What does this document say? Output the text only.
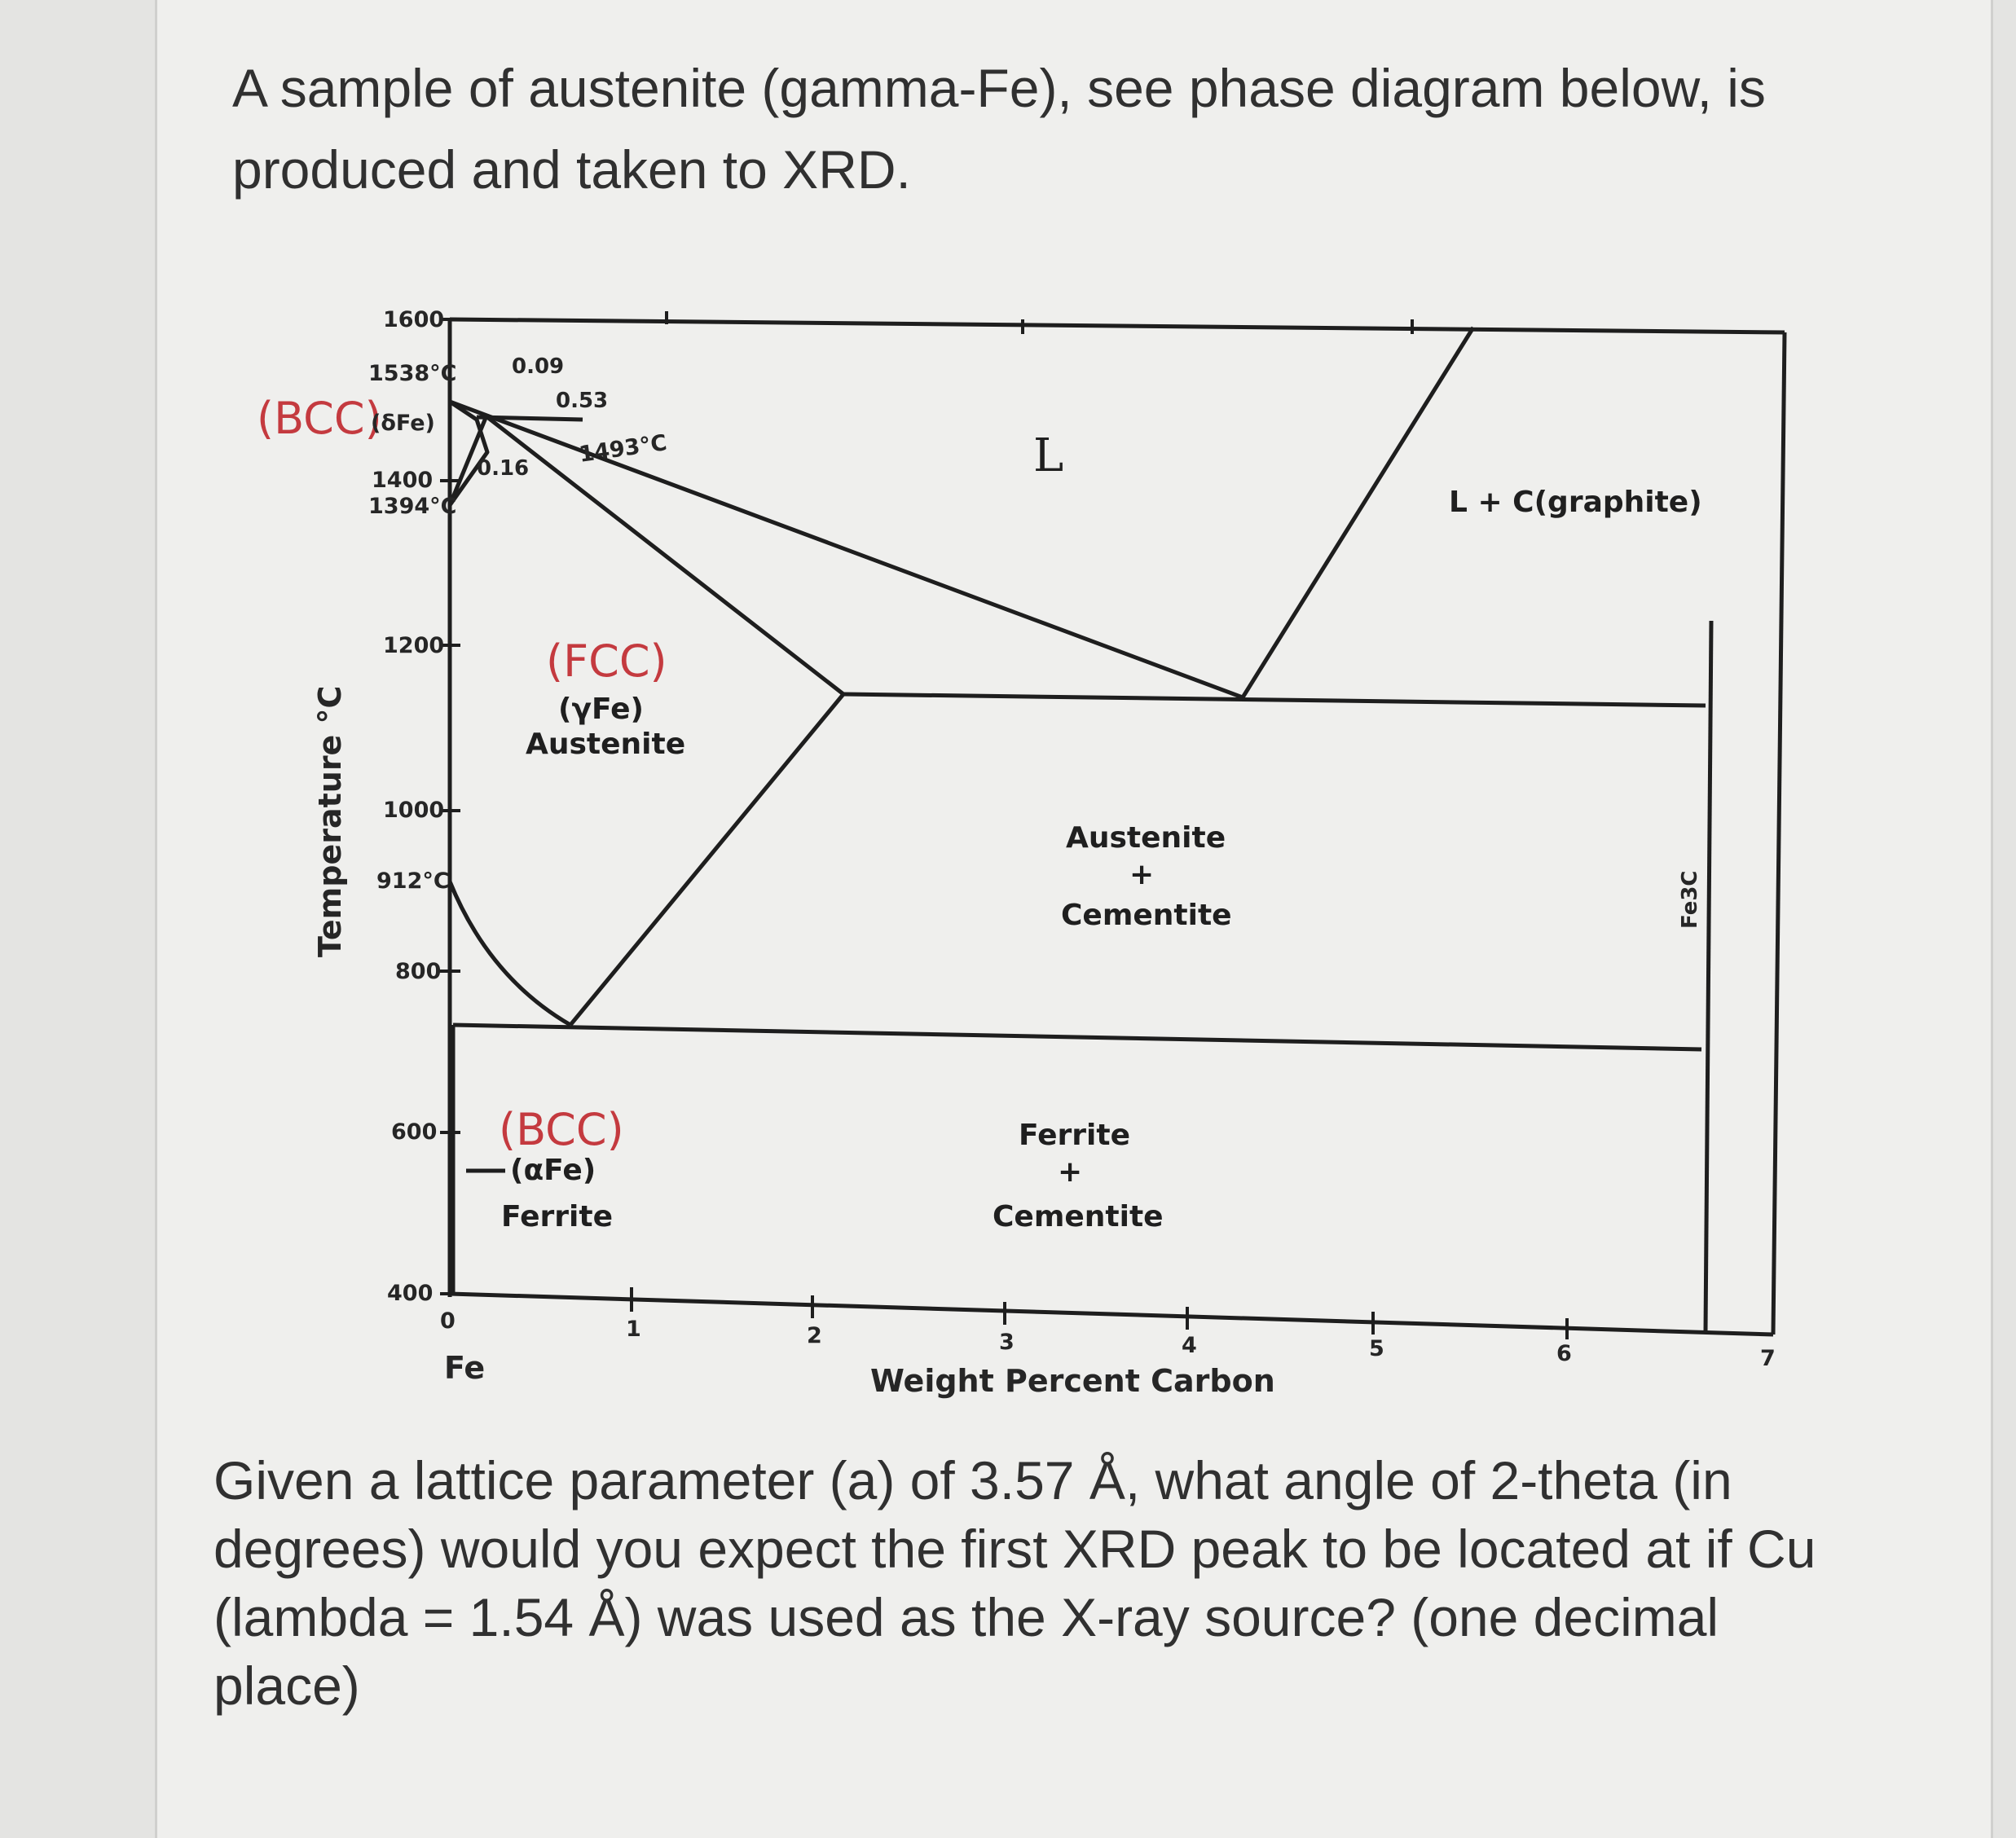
A sample of austenite (gamma-Fe), see phase diagram below, is produced and taken to XRD.

1600
1400
1200
1000
800
600
400
1538°C
1394°C
1493°C
912°C
0.09
0.53
0.16
0	1	2	3	4	5	6	7
Weight Percent Carbon
Fe
Temperature °C
(BCC)
(δFe)
L
L + C(graphite)
(FCC)
(γFe)
Austenite
Austenite
+
Cementite
(BCC)
(αFe)
Ferrite
Ferrite
+
Cementite
Fe3C

Given a lattice parameter (a) of 3.57 Å, what angle of 2-theta (in degrees) would you expect the first XRD peak to be located at if Cu (lambda = 1.54 Å) was used as the X-ray source? (one decimal place)
